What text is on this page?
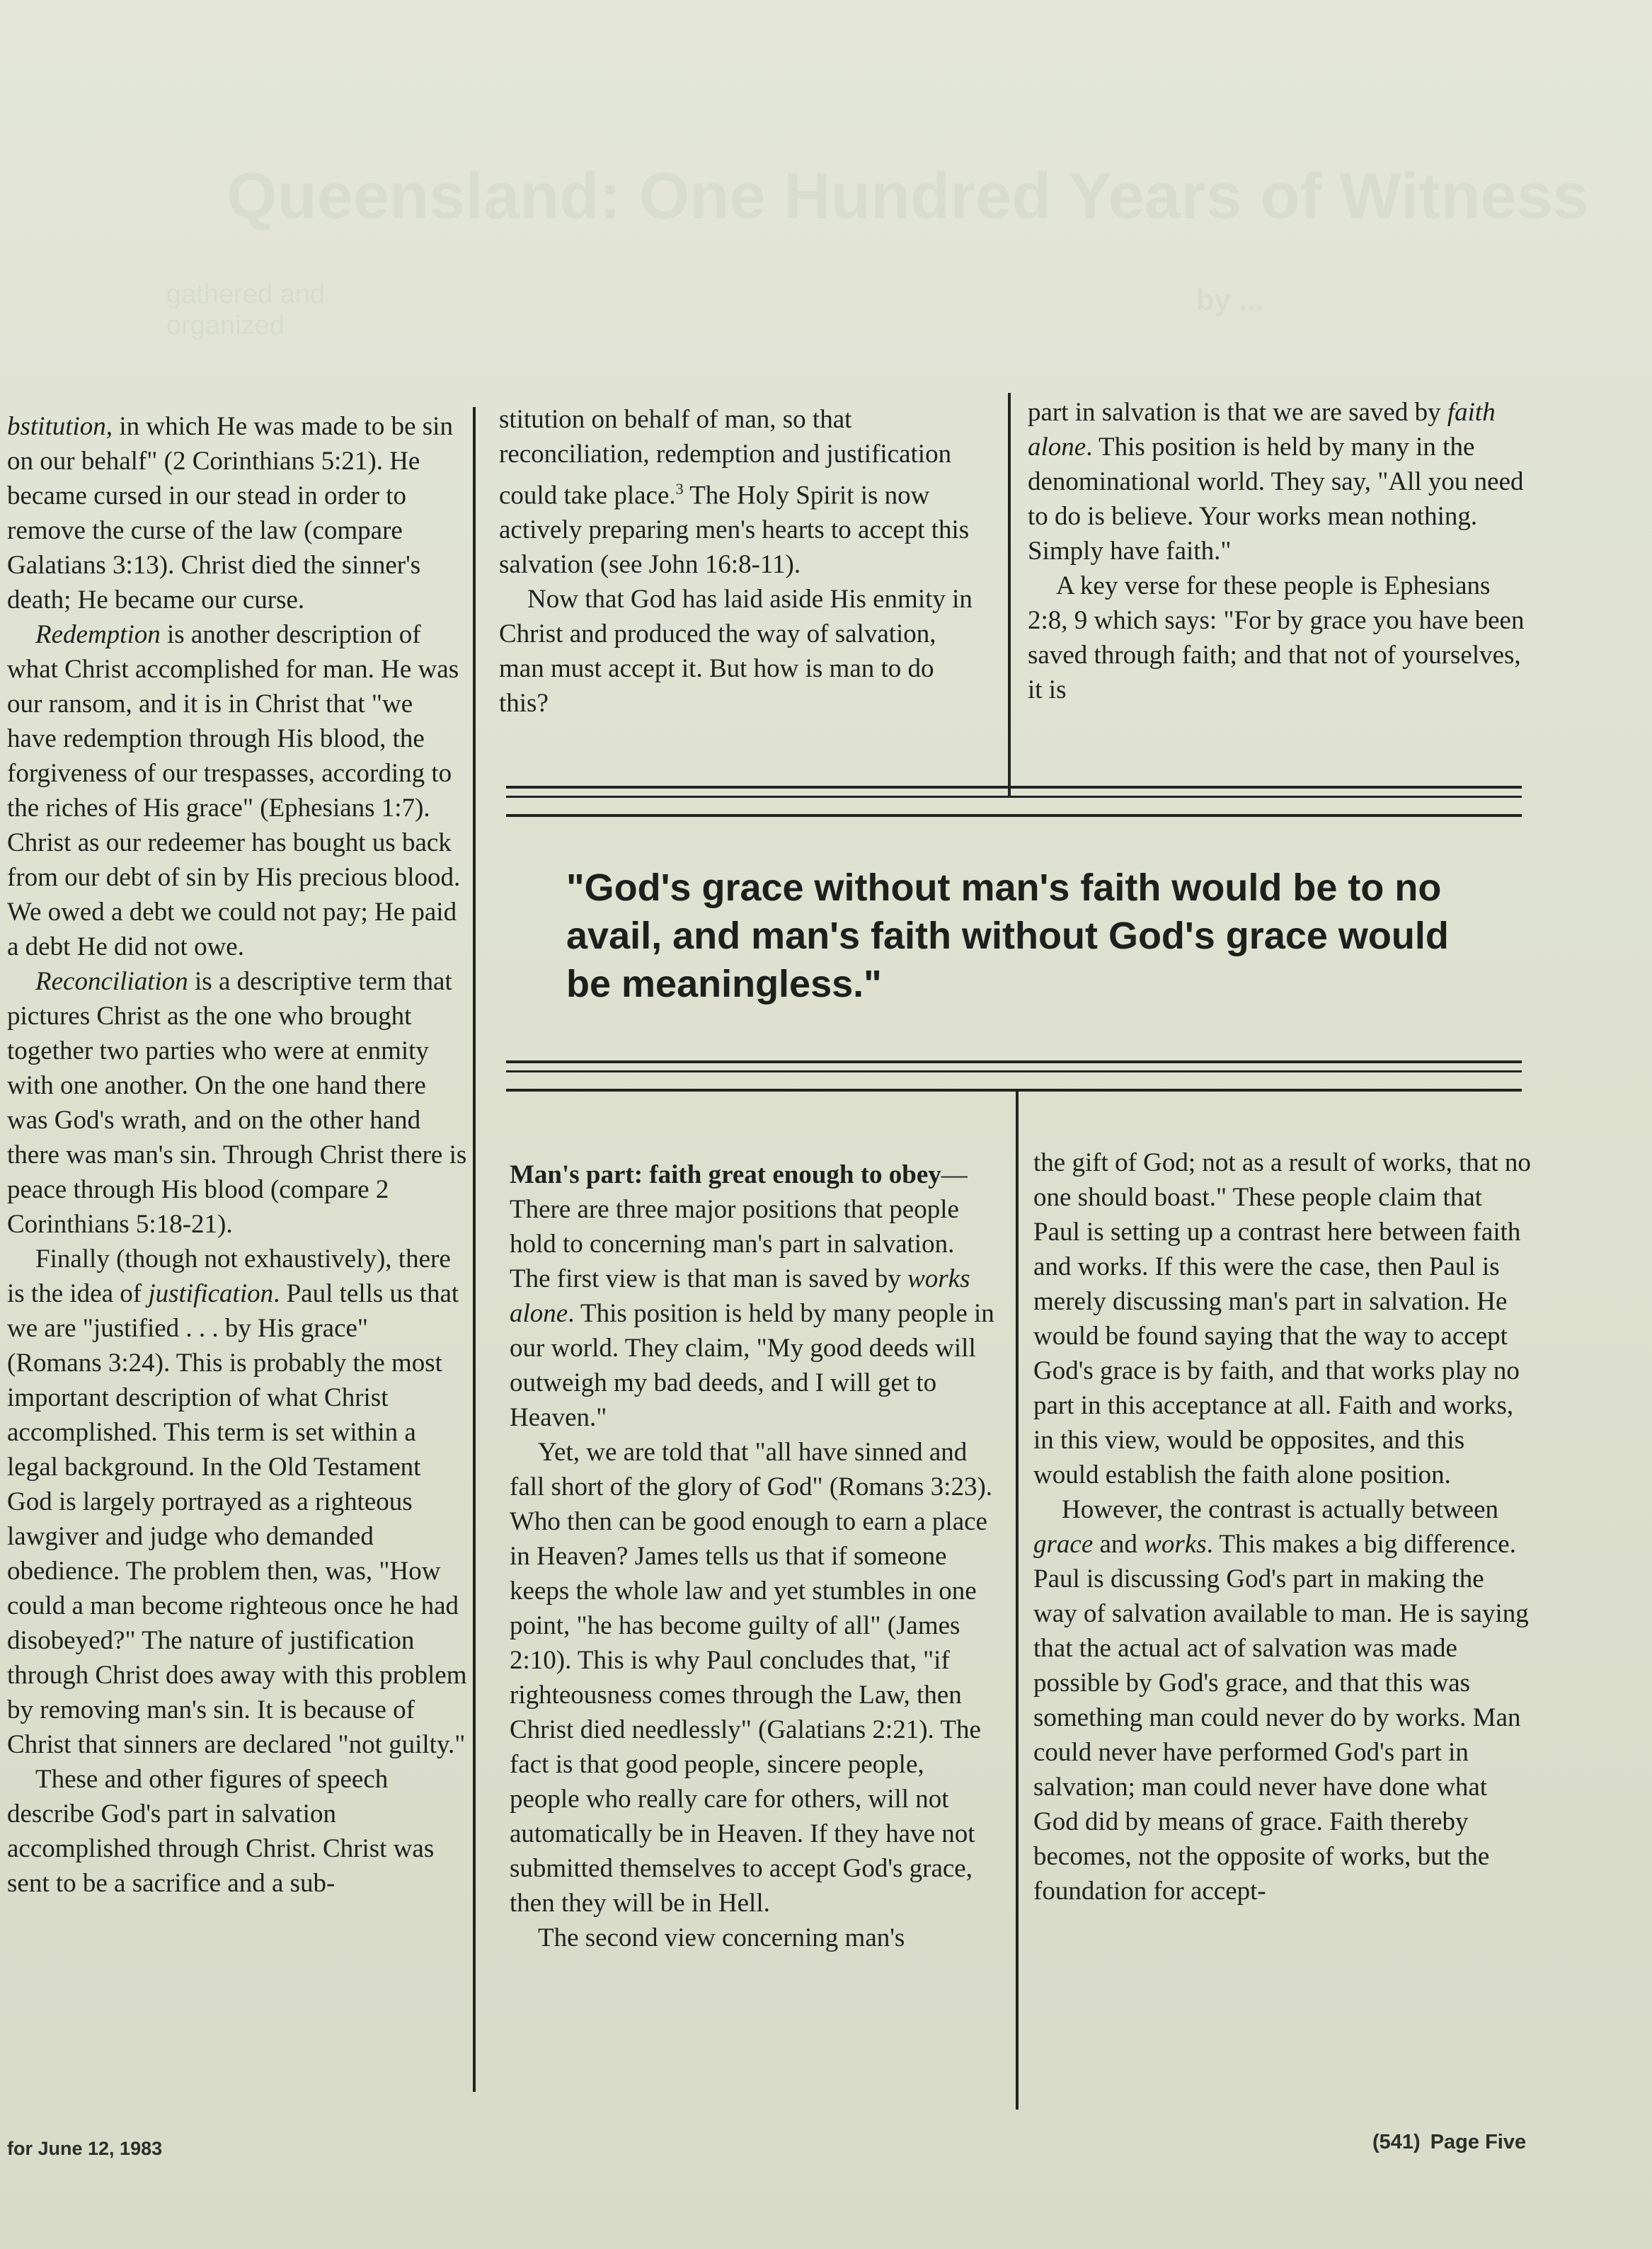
Queensland: One Hundred Years of Witness
gathered and organized
by ...

bstitution, in which He was made to be sin on our behalf" (2 Corinthians 5:21). He became cursed in our stead in order to remove the curse of the law (compare Galatians 3:13). Christ died the sinner's death; He became our curse.

Redemption is another description of what Christ accomplished for man. He was our ransom, and it is in Christ that "we have redemption through His blood, the forgiveness of our trespasses, according to the riches of His grace" (Ephesians 1:7). Christ as our redeemer has bought us back from our debt of sin by His precious blood. We owed a debt we could not pay; He paid a debt He did not owe.

Reconciliation is a descriptive term that pictures Christ as the one who brought together two parties who were at enmity with one another. On the one hand there was God's wrath, and on the other hand there was man's sin. Through Christ there is peace through His blood (compare 2 Corinthians 5:18-21).

Finally (though not exhaustively), there is the idea of justification. Paul tells us that we are "justified . . . by His grace" (Romans 3:24). This is probably the most important description of what Christ accomplished. This term is set within a legal background. In the Old Testament God is largely portrayed as a righteous lawgiver and judge who demanded obedience. The problem then, was, "How could a man become righteous once he had disobeyed?" The nature of justification through Christ does away with this problem by removing man's sin. It is because of Christ that sinners are declared "not guilty."

These and other figures of speech describe God's part in salvation accomplished through Christ. Christ was sent to be a sacrifice and a sub-

stitution on behalf of man, so that reconciliation, redemption and justification could take place.$^3$ The Holy Spirit is now actively preparing men's hearts to accept this salvation (see John 16:8-11).

Now that God has laid aside His enmity in Christ and produced the way of salvation, man must accept it. But how is man to do this?

part in salvation is that we are saved by faith alone. This position is held by many in the denominational world. They say, "All you need to do is believe. Your works mean nothing. Simply have faith."

A key verse for these people is Ephesians 2:8, 9 which says: "For by grace you have been saved through faith; and that not of yourselves, it is

"God's grace without man's faith would be to no avail, and man's faith without God's grace would be meaningless."

Man's part: faith great enough to obey—There are three major positions that people hold to concerning man's part in salvation. The first view is that man is saved by works alone. This position is held by many people in our world. They claim, "My good deeds will outweigh my bad deeds, and I will get to Heaven."

Yet, we are told that "all have sinned and fall short of the glory of God" (Romans 3:23). Who then can be good enough to earn a place in Heaven? James tells us that if someone keeps the whole law and yet stumbles in one point, "he has become guilty of all" (James 2:10). This is why Paul concludes that, "if righteousness comes through the Law, then Christ died needlessly" (Galatians 2:21). The fact is that good people, sincere people, people who really care for others, will not automatically be in Heaven. If they have not submitted themselves to accept God's grace, then they will be in Hell.

The second view concerning man's

the gift of God; not as a result of works, that no one should boast." These people claim that Paul is setting up a contrast here between faith and works. If this were the case, then Paul is merely discussing man's part in salvation. He would be found saying that the way to accept God's grace is by faith, and that works play no part in this acceptance at all. Faith and works, in this view, would be opposites, and this would establish the faith alone position.

However, the contrast is actually between grace and works. This makes a big difference. Paul is discussing God's part in making the way of salvation available to man. He is saying that the actual act of salvation was made possible by God's grace, and that this was something man could never do by works. Man could never have performed God's part in salvation; man could never have done what God did by means of grace. Faith thereby becomes, not the opposite of works, but the foundation for accept-

for June 12, 1983	(541) Page Five
